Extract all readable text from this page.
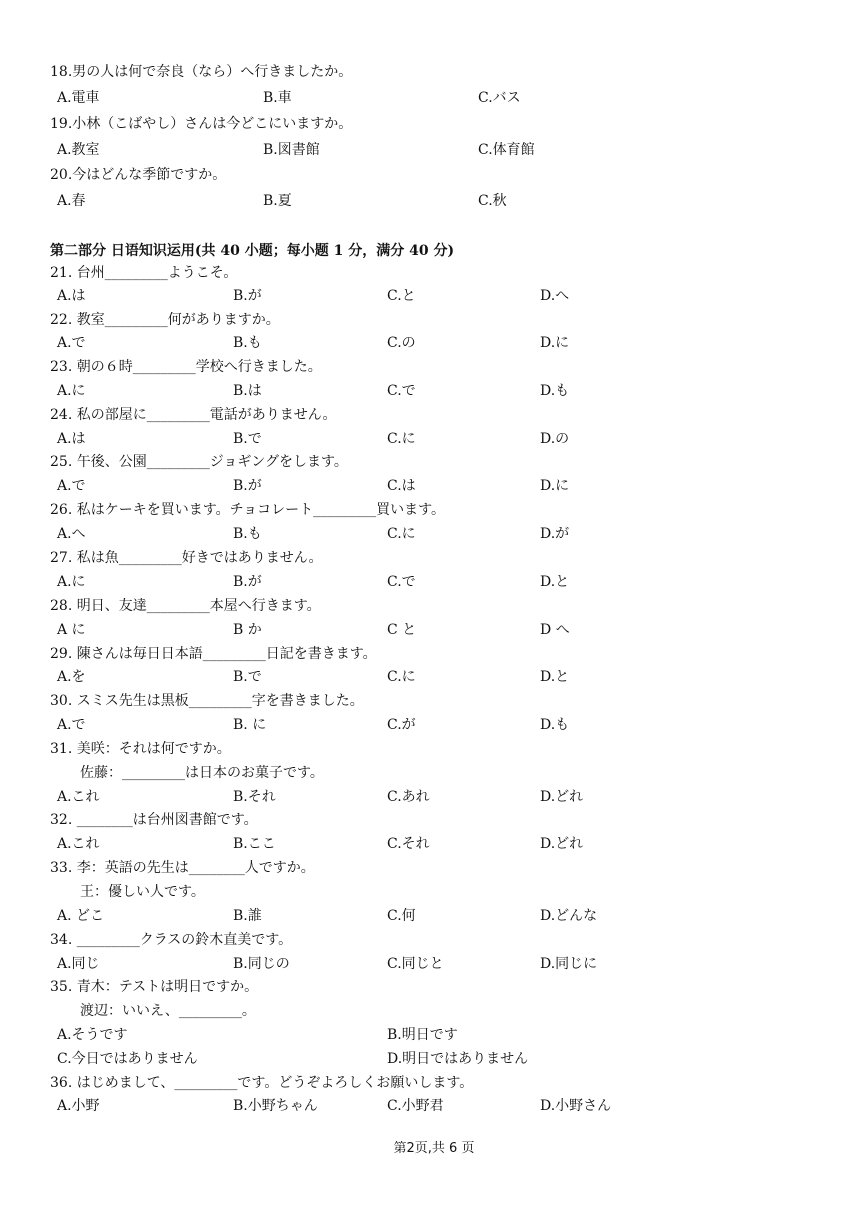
18.男の人は何で奈良（なら）へ行きましたか。
A.電車	B.車	C.バス
19.小林（こばやし）さんは今どこにいますか。
A.教室	B.図書館	C.体育館
20.今はどんな季節ですか。
A.春	B.夏	C.秋
第二部分 日语知识运用(共 40 小题；每小题 1 分，满分 40 分)
21. 台州_________ようこそ。
A.は	B.が	C.と	D.へ
22. 教室_________何がありますか。
A.で	B.も	C.の	D.に
23. 朝の６時_________学校へ行きました。
A.に	B.は	C.で	D.も
24. 私の部屋に_________電話がありません。
A.は	B.で	C.に	D.の
25. 午後、公園_________ジョギングをします。
A.で	B.が	C.は	D.に
26. 私はケーキを買います。チョコレート_________買います。
A.へ	B.も	C.に	D.が
27. 私は魚_________好きではありません。
A.に	B.が	C.で	D.と
28. 明日、友達_________本屋へ行きます。
A に	B か	C と	D へ
29. 陳さんは毎日日本語_________日記を書きます。
A.を	B.で	C.に	D.と
30. スミス先生は黒板_________字を書きました。
A.で	B. に	C.が	D.も
31. 美咲：それは何ですか。
佐藤：_________は日本のお菓子です。
A.これ	B.それ	C.あれ	D.どれ
32. ________は台州図書館です。
A.これ	B.ここ	C.それ	D.どれ
33. 李：英語の先生は________人ですか。
王：優しい人です。
A. どこ	B.誰	C.何	D.どんな
34. _________クラスの鈴木直美です。
A.同じ	B.同じの	C.同じと	D.同じに
35. 青木：テストは明日ですか。
渡辺：いいえ、_________。
A.そうです	B.明日です
C.今日ではありません	D.明日ではありません
36. はじめまして、_________です。どうぞよろしくお願いします。
A.小野	B.小野ちゃん	C.小野君	D.小野さん
第2页,共 6 页
